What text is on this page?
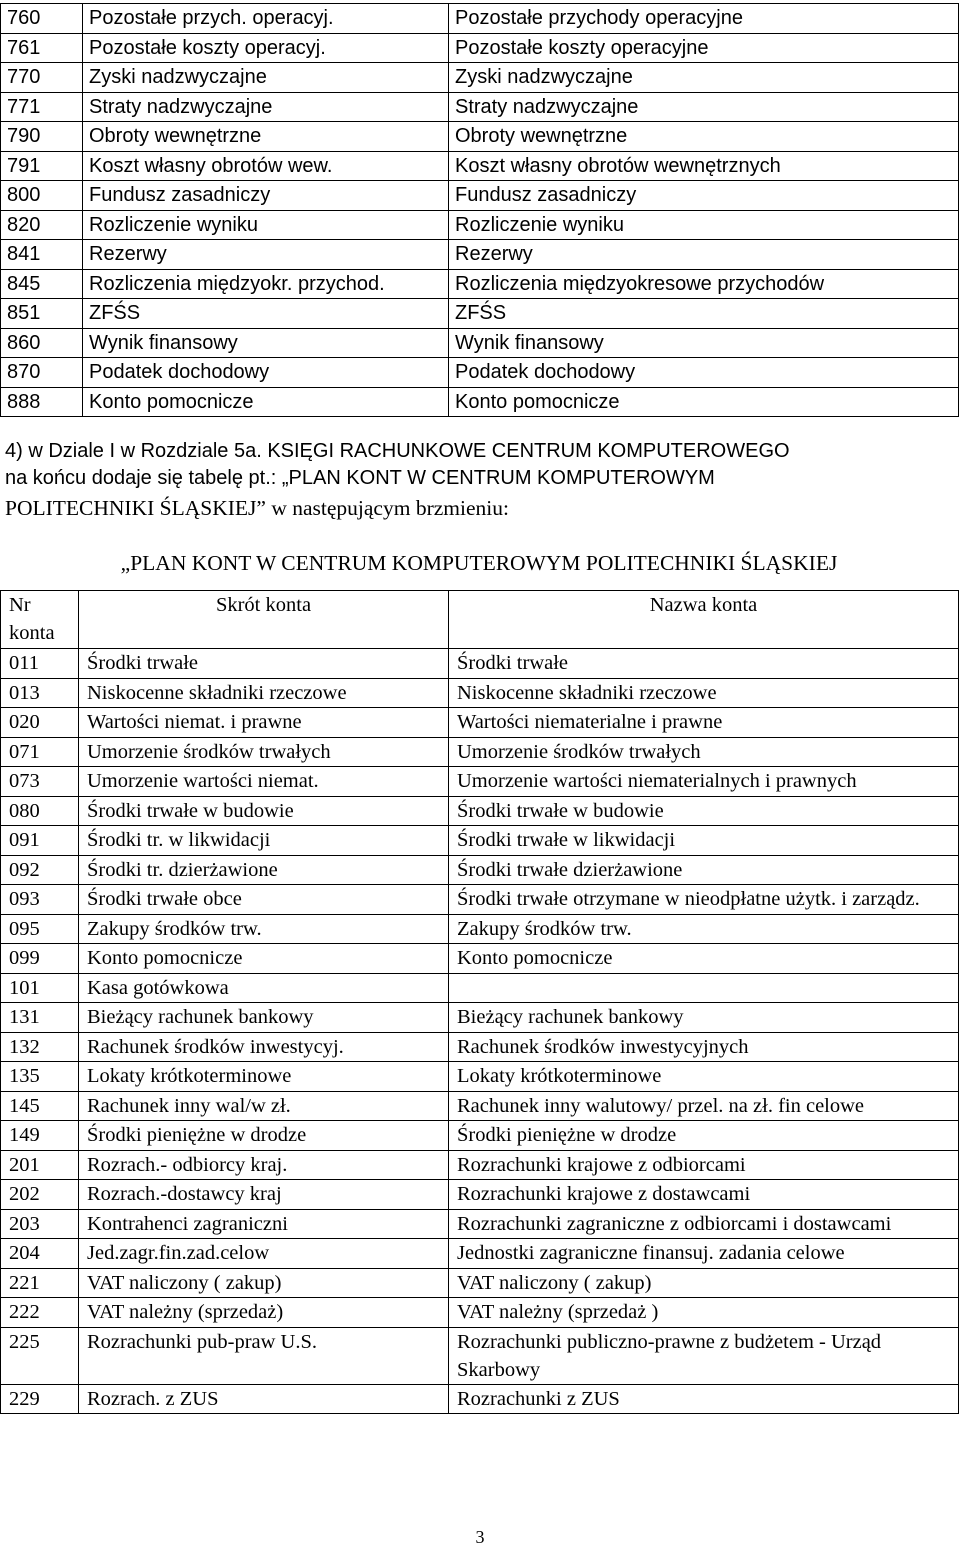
760	Pozostałe przych. operacyj.	Pozostałe przychody operacyjne
761	Pozostałe koszty operacyj.	Pozostałe koszty operacyjne
770	Zyski nadzwyczajne	Zyski nadzwyczajne
771	Straty nadzwyczajne	Straty nadzwyczajne
790	Obroty wewnętrzne	Obroty wewnętrzne
791	Koszt własny obrotów wew.	Koszt własny obrotów wewnętrznych
800	Fundusz zasadniczy	Fundusz zasadniczy
820	Rozliczenie wyniku	Rozliczenie wyniku
841	Rezerwy	Rezerwy
845	Rozliczenia międzyokr. przychod.	Rozliczenia międzyokresowe przychodów
851	ZFŚS	ZFŚS
860	Wynik finansowy	Wynik finansowy
870	Podatek dochodowy	Podatek dochodowy
888	Konto pomocnicze	Konto pomocnicze
4) w Dziale I w Rozdziale 5a. KSIĘGI RACHUNKOWE CENTRUM KOMPUTEROWEGO
na końcu dodaje się tabelę pt.: „PLAN KONT W CENTRUM KOMPUTEROWYM
POLITECHNIKI ŚLĄSKIEJ” w następującym brzmieniu:
„PLAN KONT W CENTRUM KOMPUTEROWYM POLITECHNIKI ŚLĄSKIEJ
Nr konta	Skrót konta	Nazwa konta
011	Środki trwałe	Środki trwałe
013	Niskocenne składniki rzeczowe	Niskocenne składniki rzeczowe
020	Wartości niemat. i prawne	Wartości niematerialne i prawne
071	Umorzenie środków trwałych	Umorzenie środków trwałych
073	Umorzenie wartości niemat.	Umorzenie wartości niematerialnych i prawnych
080	Środki trwałe w budowie	Środki trwałe w budowie
091	Środki tr. w likwidacji	Środki trwałe w likwidacji
092	Środki tr. dzierżawione	Środki trwałe dzierżawione
093	Środki trwałe obce	Środki trwałe otrzymane w nieodpłatne użytk. i zarządz.
095	Zakupy środków trw.	Zakupy środków trw.
099	Konto pomocnicze	Konto pomocnicze
101	Kasa gotówkowa	
131	Bieżący rachunek bankowy	Bieżący rachunek bankowy
132	Rachunek środków inwestycyj.	Rachunek środków inwestycyjnych
135	Lokaty krótkoterminowe	Lokaty krótkoterminowe
145	Rachunek inny wal/w zł.	Rachunek inny walutowy/ przel. na zł. fin celowe
149	Środki pieniężne w drodze	Środki pieniężne w drodze
201	Rozrach.- odbiorcy kraj.	Rozrachunki krajowe z odbiorcami
202	Rozrach.-dostawcy kraj	Rozrachunki krajowe z dostawcami
203	Kontrahenci zagraniczni	Rozrachunki zagraniczne z odbiorcami i dostawcami
204	Jed.zagr.fin.zad.celow	Jednostki zagraniczne finansuj. zadania celowe
221	VAT naliczony ( zakup)	VAT naliczony ( zakup)
222	VAT należny (sprzedaż)	VAT należny (sprzedaż )
225	Rozrachunki pub-praw U.S.	Rozrachunki publiczno-prawne z budżetem - Urząd Skarbowy
229	Rozrach. z ZUS	Rozrachunki z ZUS
3
